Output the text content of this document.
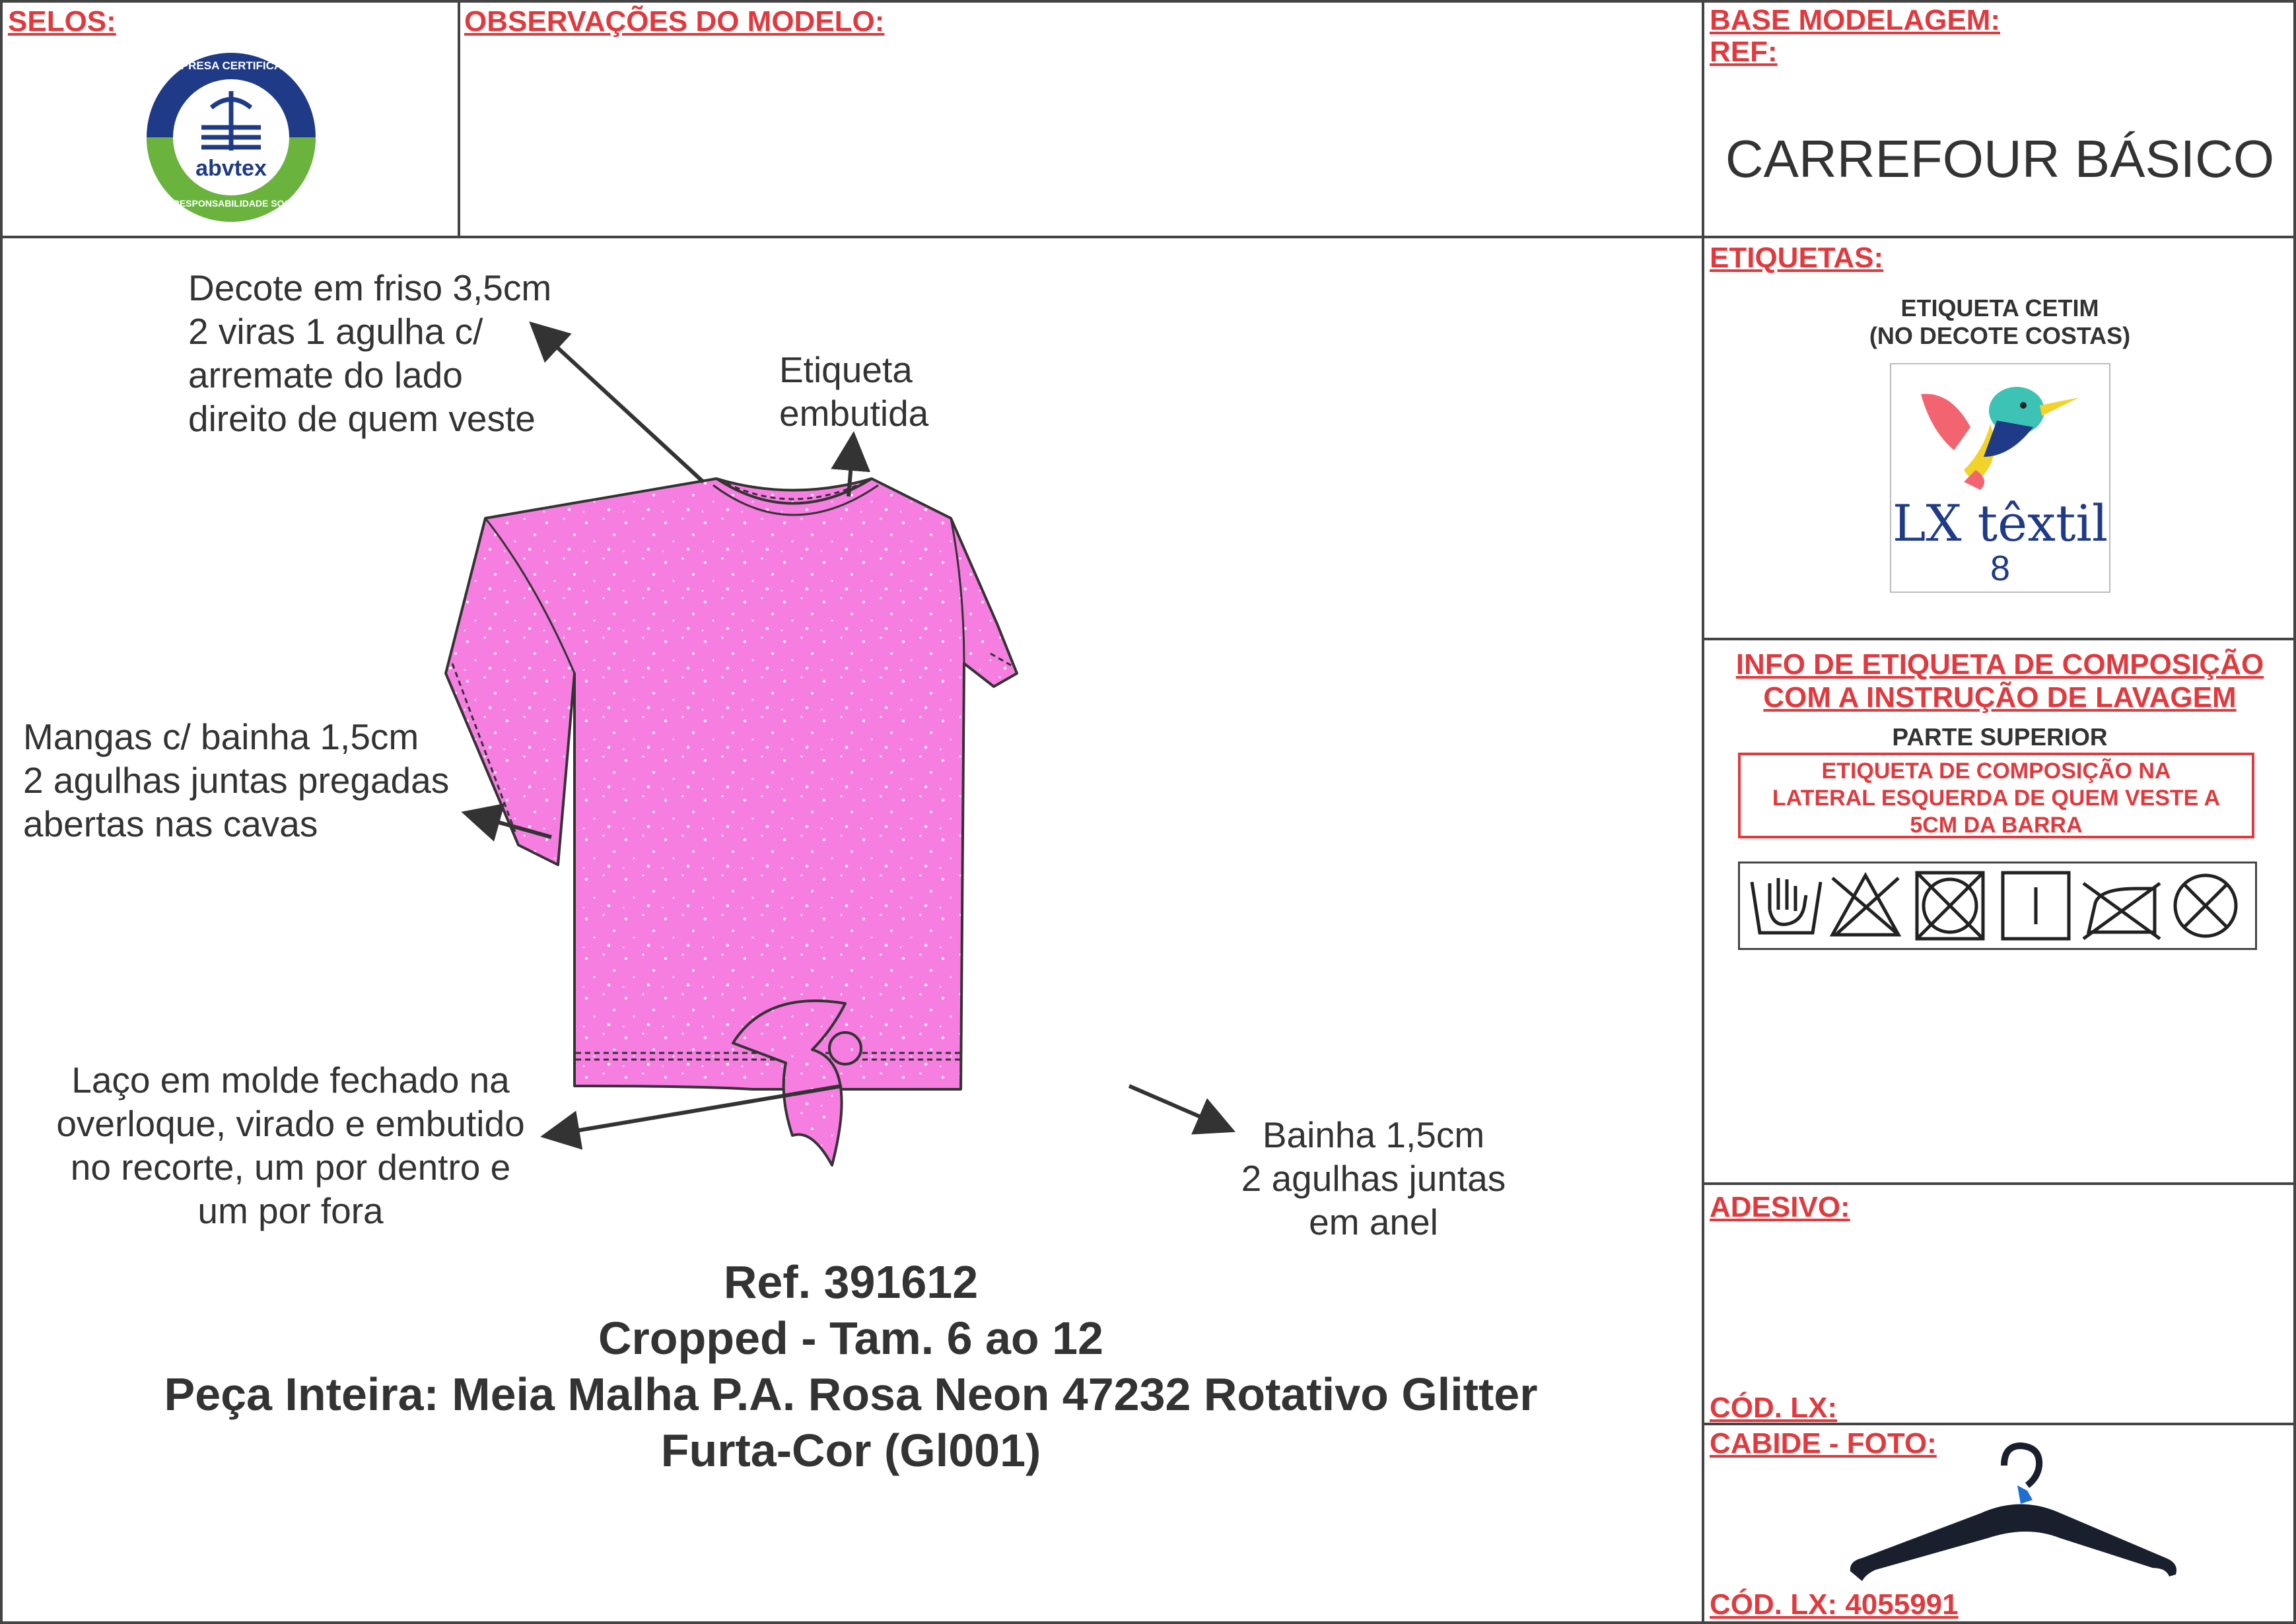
SELOS:	OBSERVAÇÕES DO MODELO:	BASE MODELAGEM:
REF:
CARREFOUR BÁSICO
ETIQUETAS:
abvtex
EMPRESA CERTIFICADA
EM RESPONSABILIDADE SOCIAL
ETIQUETA CETIM
(NO DECOTE COSTAS)
LX têxtil
8
INFO DE ETIQUETA DE COMPOSIÇÃO
COM A INSTRUÇÃO DE LAVAGEM
PARTE SUPERIOR
ETIQUETA DE COMPOSIÇÃO NA
LATERAL ESQUERDA DE QUEM VESTE A
5CM DA BARRA
ADESIVO:
CÓD. LX:
CABIDE - FOTO:
CÓD. LX: 4055991
Decote em friso 3,5cm
2 viras 1 agulha c/
arremate do lado
direito de quem veste
Etiqueta
embutida
Mangas c/ bainha 1,5cm
2 agulhas juntas pregadas
abertas nas cavas
Laço em molde fechado na
overloque, virado e embutido
no recorte, um por dentro e
um por fora
Bainha 1,5cm
2 agulhas juntas
em anel
Ref. 391612
Cropped - Tam. 6 ao 12
Peça Inteira: Meia Malha P.A. Rosa Neon 47232 Rotativo Glitter
Furta-Cor (Gl001)
